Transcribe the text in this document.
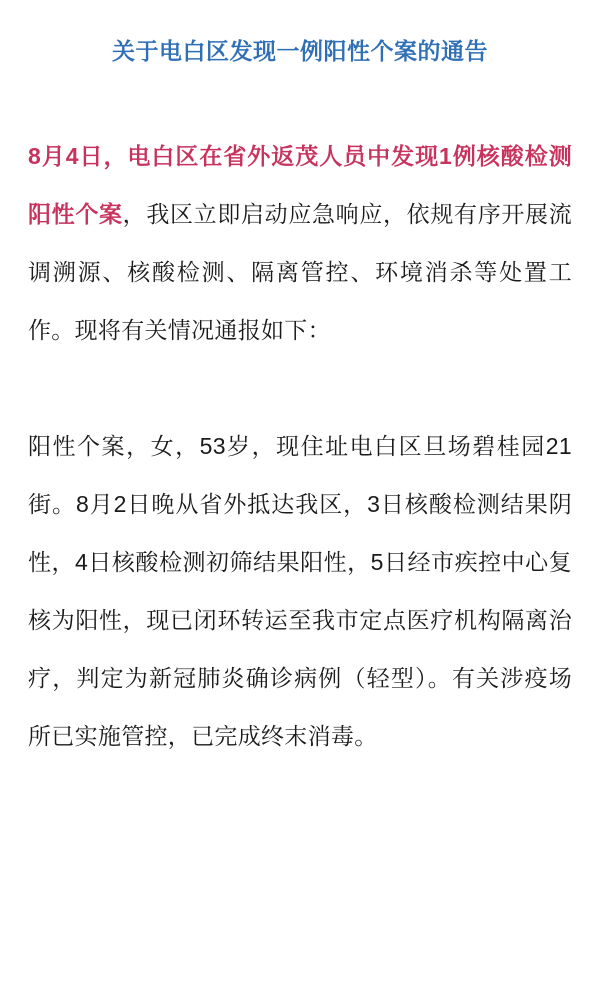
关于电白区发现一例阳性个案的通告

8月4日，电白区在省外返茂人员中发现1例核酸检测阳性个案，我区立即启动应急响应，依规有序开展流调溯源、核酸检测、隔离管控、环境消杀等处置工作。现将有关情况通报如下：

阳性个案，女，53岁，现住址电白区旦场碧桂园21街。8月2日晚从省外抵达我区，3日核酸检测结果阴性，4日核酸检测初筛结果阳性，5日经市疾控中心复核为阳性，现已闭环转运至我市定点医疗机构隔离治疗，判定为新冠肺炎确诊病例（轻型）。有关涉疫场所已实施管控，已完成终末消毒。
